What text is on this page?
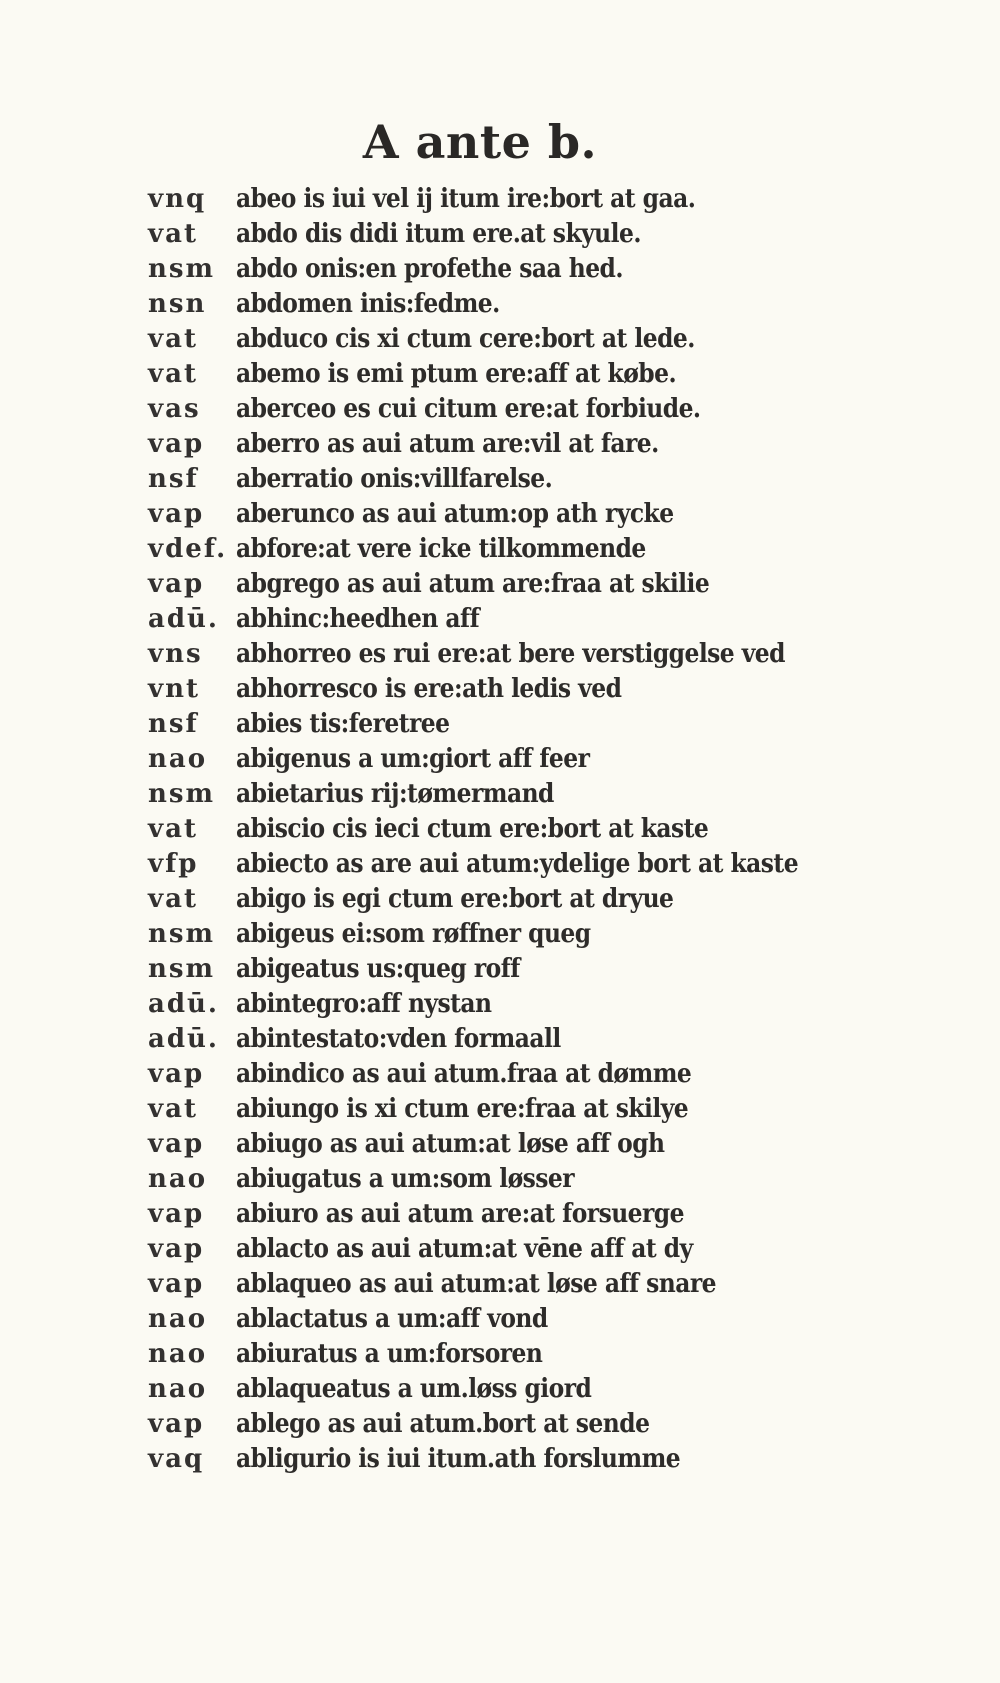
A ante b.
vnq	abeo is iui vel ij itum ire:bort at gaa.
vat	abdo dis didi itum ere.at skyule.
nsm abdo onis:en profethe saa hed.
nsn	abdomen inis:fedme.
vat	abduco cis xi ctum cere:bort at lede.
vat	abemo is emi ptum ere:aff at købe.
vas	aberceo es cui citum ere:at forbiude.
vap	aberro as aui atum are:vil at fare.
nsf	aberratio onis:villfarelse.
vap	aberunco as aui atum:op ath rycke
vdef. abfore:at vere icke tilkommende
vap	abgrego as aui atum are:fraa at skilie
adū. abhinc:heedhen aff
vns	abhorreo es rui ere:at bere verstiggelse ved
vnt	abhorresco is ere:ath ledis ved
nsf	abies tis:feretree
nao	abigenus a um:giort aff feer
nsm abietarius rij:tømermand
vat	abiscio cis ieci ctum ere:bort at kaste
vfp	abiecto as are aui atum:ydelige bort at kaste
vat	abigo is egi ctum ere:bort at dryue
nsm abigeus ei:som røffner queg
nsm abigeatus us:queg roff
adū. abintegro:aff nystan
adū. abintestato:vden formaall
vap	abindico as aui atum.fraa at dømme
vat	abiungo is xi ctum ere:fraa at skilye
vap	abiugo as aui atum:at løse aff ogh
nao	abiugatus a um:som løsser
vap	abiuro as aui atum are:at forsuerge
vap	ablacto as aui atum:at vēne aff at dy
vap	ablaqueo as aui atum:at løse aff snare
nao	ablactatus a um:aff vond
nao	abiuratus a um:forsoren
nao	ablaqueatus a um.løss giord
vap	ablego as aui atum.bort at sende
vaq	abligurio is iui itum.ath forslumme
